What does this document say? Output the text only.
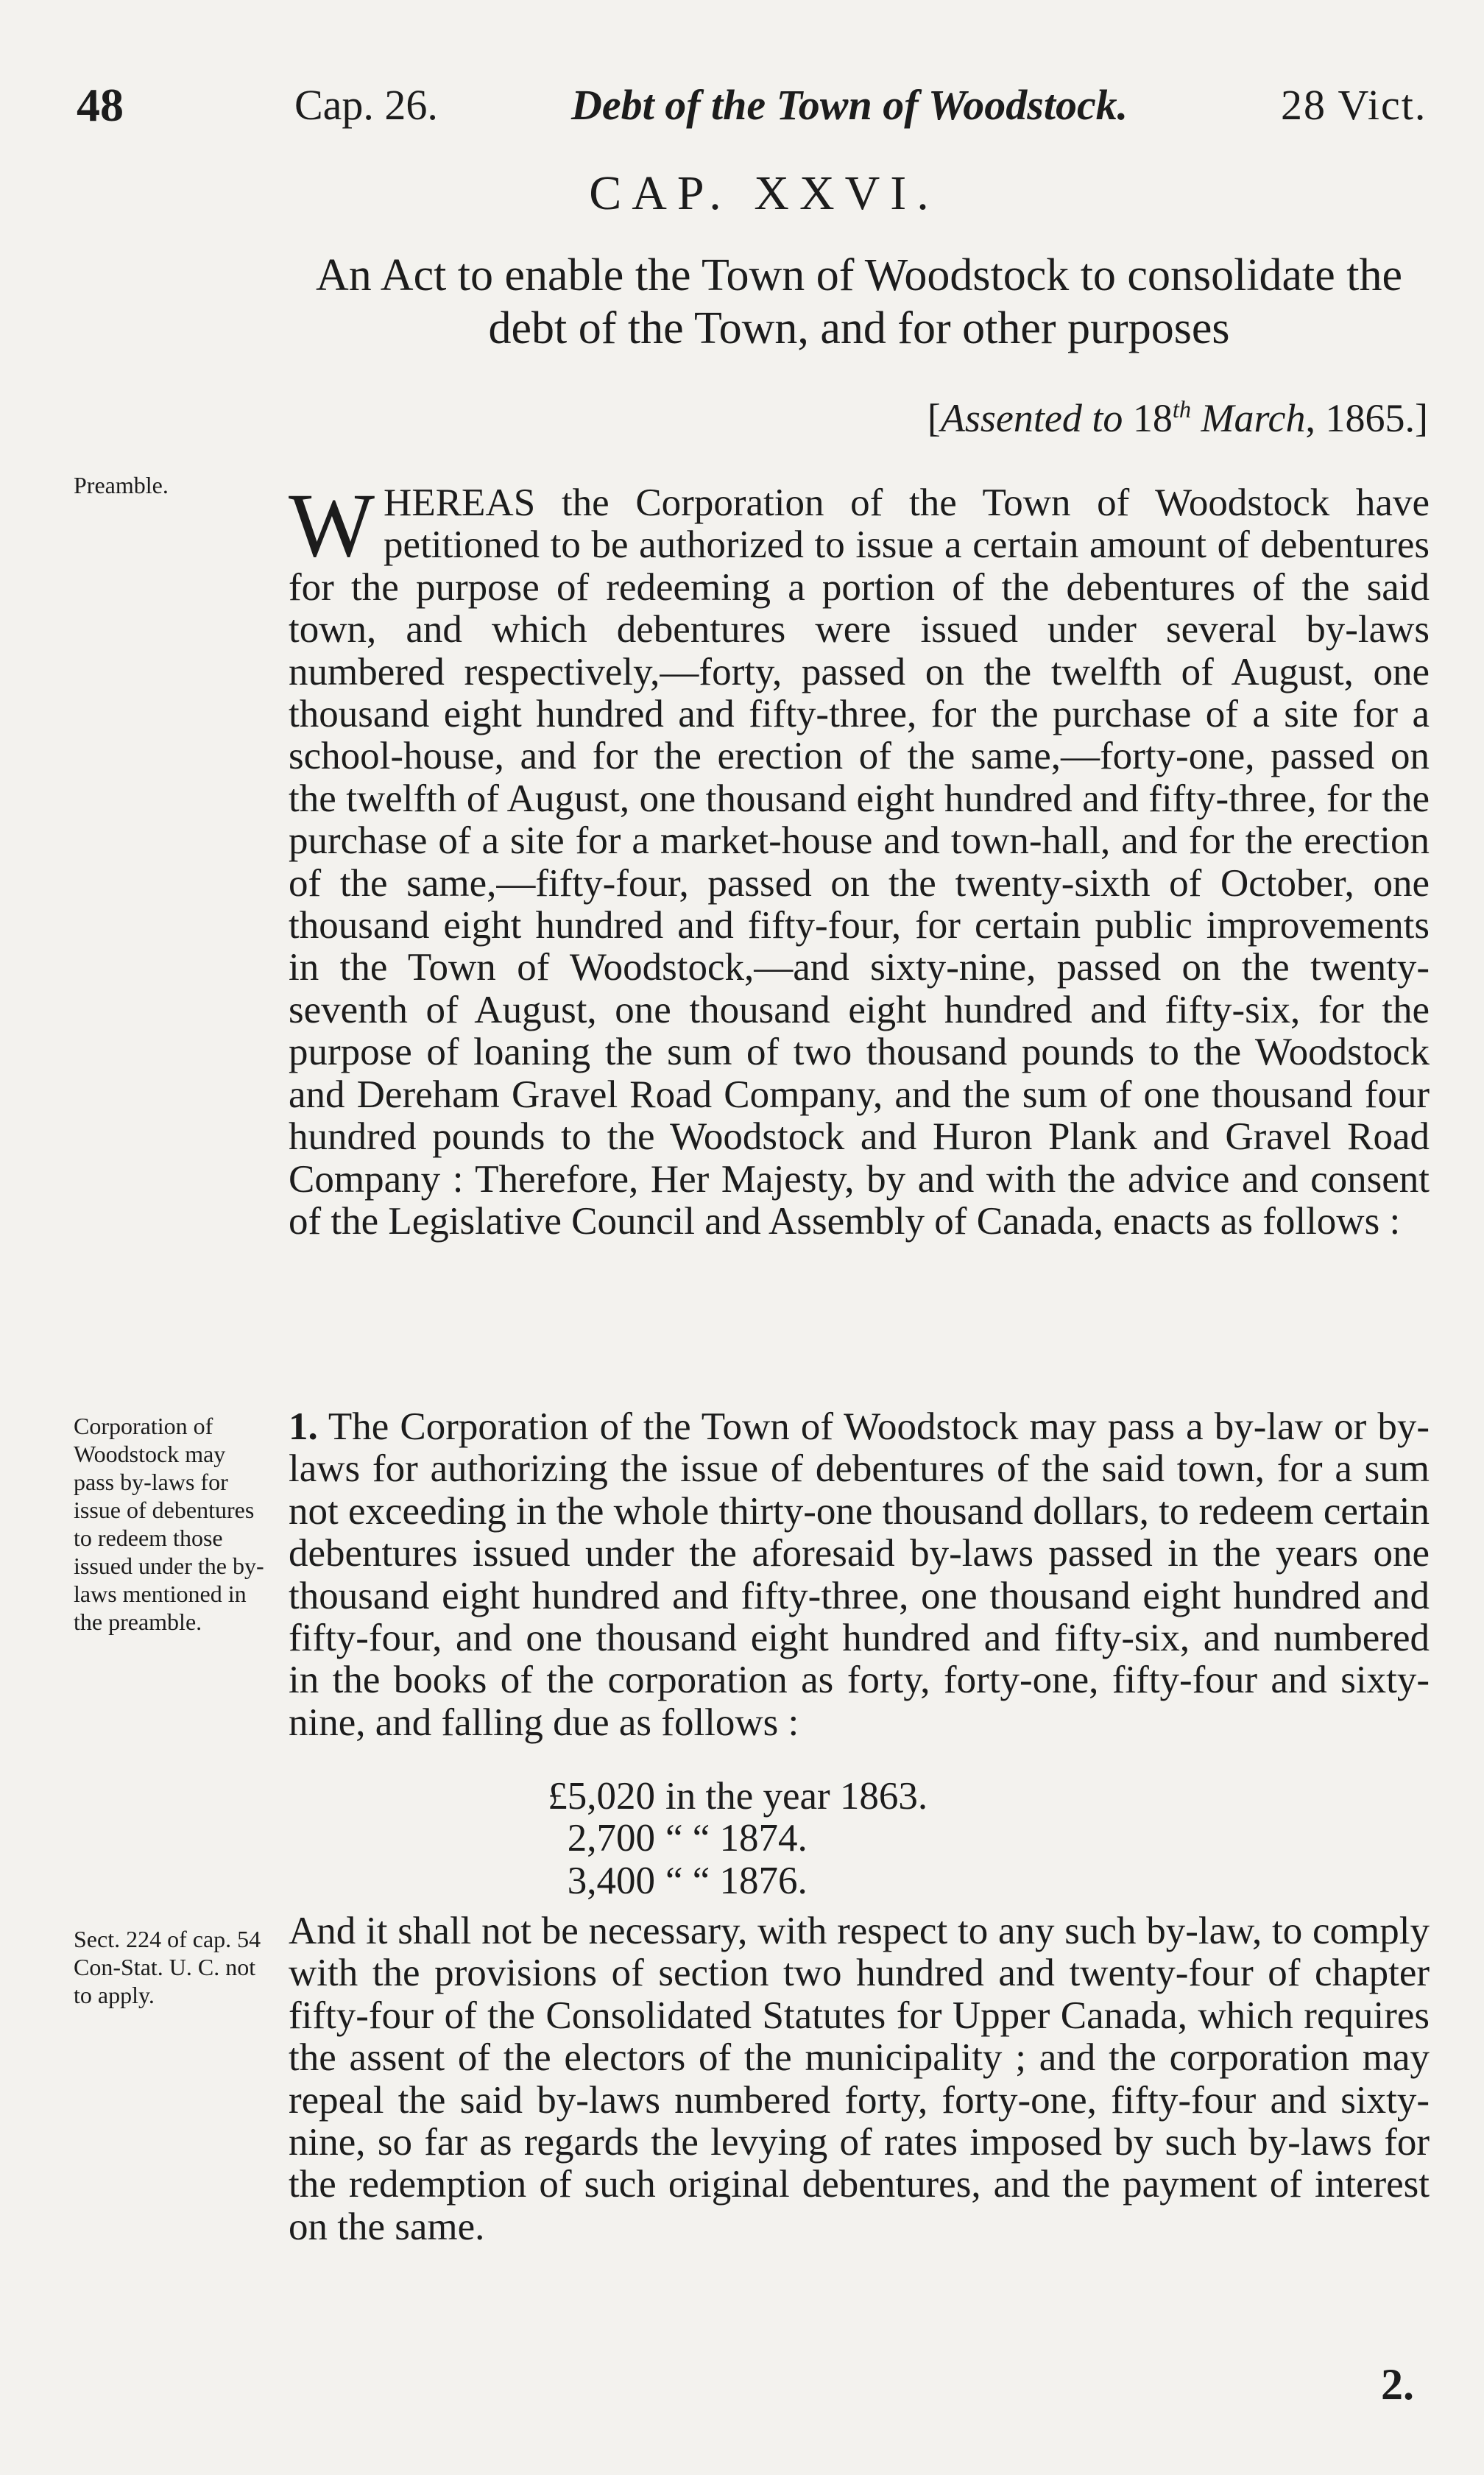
48	Cap. 26.	Debt of the Town of Woodstock.	28 Vict.
CAP. XXVI.
An Act to enable the Town of Woodstock to consolidate the debt of the Town, and for other purposes
[Assented to 18th March, 1865.]
Preamble.
Corporation of Woodstock may pass by-laws for issue of debentures to redeem those issued under the by-laws mentioned in the preamble.
Sect. 224 of cap. 54 Con-Stat. U. C. not to apply.
WHEREAS the Corporation of the Town of Woodstock have petitioned to be authorized to issue a certain amount of debentures for the purpose of redeeming a portion of the debentures of the said town, and which debentures were issued under several by-laws numbered respectively,—forty, passed on the twelfth of August, one thousand eight hundred and fifty-three, for the purchase of a site for a school-house, and for the erection of the same,—forty-one, passed on the twelfth of August, one thousand eight hundred and fifty-three, for the purchase of a site for a market-house and town-hall, and for the erection of the same,—fifty-four, passed on the twenty-sixth of October, one thousand eight hundred and fifty-four, for certain public improvements in the Town of Woodstock,—and sixty-nine, passed on the twenty-seventh of August, one thousand eight hundred and fifty-six, for the purpose of loaning the sum of two thousand pounds to the Woodstock and Dereham Gravel Road Company, and the sum of one thousand four hundred pounds to the Woodstock and Huron Plank and Gravel Road Company : Therefore, Her Majesty, by and with the advice and consent of the Legislative Council and Assembly of Canada, enacts as follows :
1. The Corporation of the Town of Woodstock may pass a by-law or by-laws for authorizing the issue of debentures of the said town, for a sum not exceeding in the whole thirty-one thousand dollars, to redeem certain debentures issued under the aforesaid by-laws passed in the years one thousand eight hundred and fifty-three, one thousand eight hundred and fifty-four, and one thousand eight hundred and fifty-six, and numbered in the books of the corporation as forty, forty-one, fifty-four and sixty-nine, and falling due as follows :
£5,020 in the year 1863.
2,700 “ “ 1874.
3,400 “ “ 1876.
And it shall not be necessary, with respect to any such by-law, to comply with the provisions of section two hundred and twenty-four of chapter fifty-four of the Consolidated Statutes for Upper Canada, which requires the assent of the electors of the municipality ; and the corporation may repeal the said by-laws numbered forty, forty-one, fifty-four and sixty-nine, so far as regards the levying of rates imposed by such by-laws for the redemption of such original debentures, and the payment of interest on the same.
2.
